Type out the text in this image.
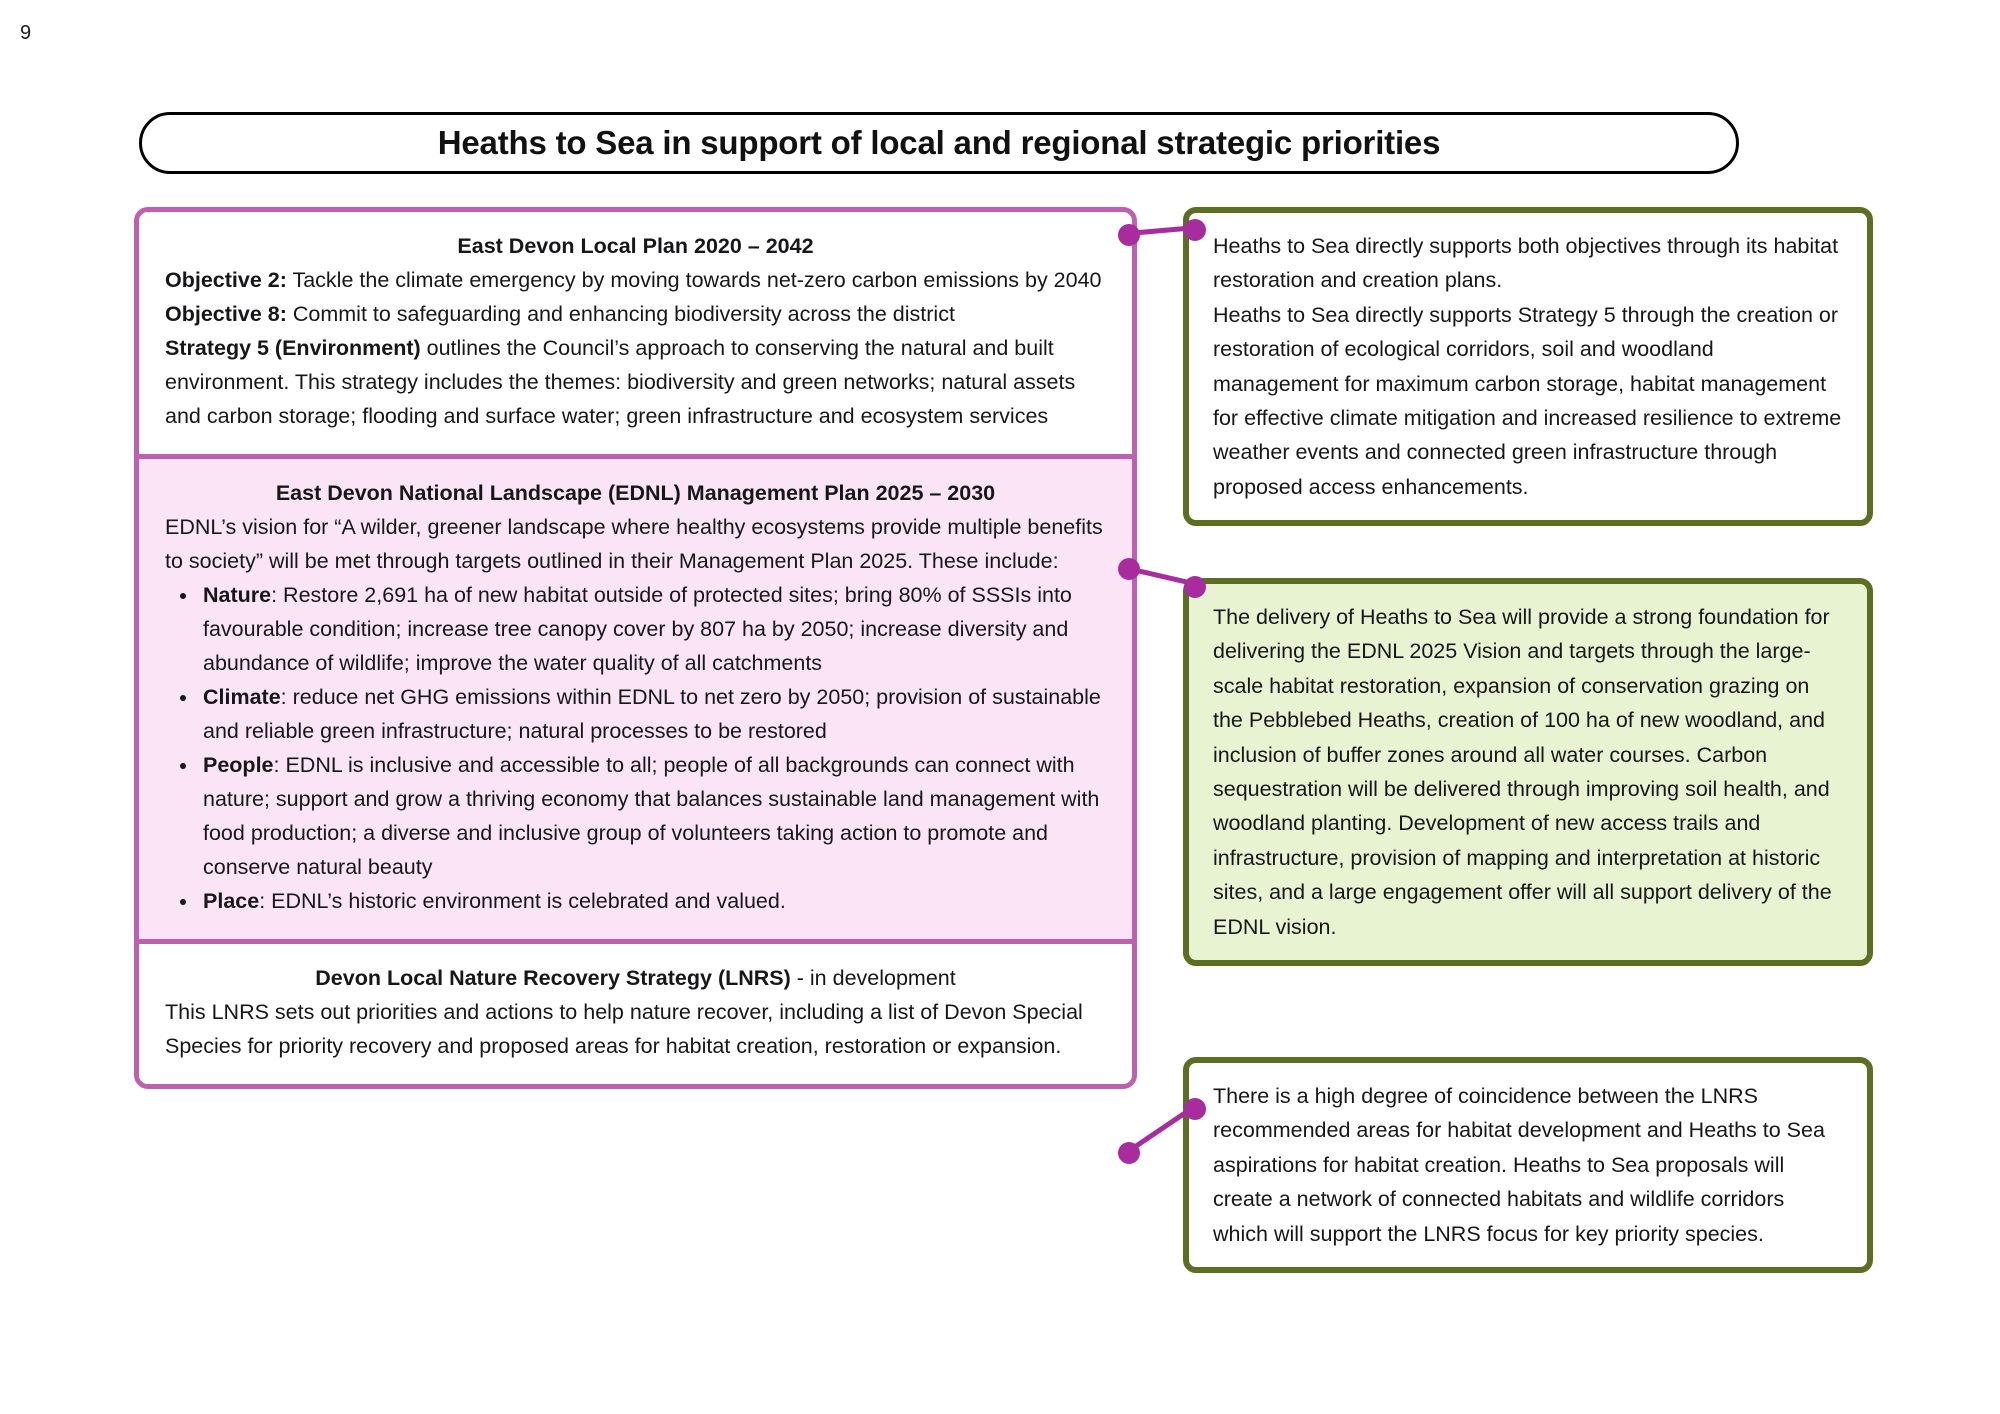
9
Heaths to Sea in support of local and regional strategic priorities
East Devon Local Plan 2020 – 2042

Objective 2: Tackle the climate emergency by moving towards net-zero carbon emissions by 2040

Objective 8: Commit to safeguarding and enhancing biodiversity across the district

Strategy 5 (Environment) outlines the Council’s approach to conserving the natural and built environment. This strategy includes the themes: biodiversity and green networks; natural assets and carbon storage; flooding and surface water; green infrastructure and ecosystem services

East Devon National Landscape (EDNL) Management Plan 2025 – 2030

EDNL’s vision for “A wilder, greener landscape where healthy ecosystems provide multiple benefits to society” will be met through targets outlined in their Management Plan 2025. These include:

• Nature: Restore 2,691 ha of new habitat outside of protected sites; bring 80% of SSSIs into favourable condition; increase tree canopy cover by 807 ha by 2050; increase diversity and abundance of wildlife; improve the water quality of all catchments
• Climate: reduce net GHG emissions within EDNL to net zero by 2050; provision of sustainable and reliable green infrastructure; natural processes to be restored
• People: EDNL is inclusive and accessible to all; people of all backgrounds can connect with nature; support and grow a thriving economy that balances sustainable land management with food production; a diverse and inclusive group of volunteers taking action to promote and conserve natural beauty
• Place: EDNL’s historic environment is celebrated and valued.
Devon Local Nature Recovery Strategy (LNRS) - in development

This LNRS sets out priorities and actions to help nature recover, including a list of Devon Special Species for priority recovery and proposed areas for habitat creation, restoration or expansion.

Heaths to Sea directly supports both objectives through its habitat restoration and creation plans.

Heaths to Sea directly supports Strategy 5 through the creation or restoration of ecological corridors, soil and woodland management for maximum carbon storage, habitat management for effective climate mitigation and increased resilience to extreme weather events and connected green infrastructure through proposed access enhancements.

The delivery of Heaths to Sea will provide a strong foundation for delivering the EDNL 2025 Vision and targets through the large-scale habitat restoration, expansion of conservation grazing on the Pebblebed Heaths, creation of 100 ha of new woodland, and inclusion of buffer zones around all water courses. Carbon sequestration will be delivered through improving soil health, and woodland planting. Development of new access trails and infrastructure, provision of mapping and interpretation at historic sites, and a large engagement offer will all support delivery of the EDNL vision.

There is a high degree of coincidence between the LNRS recommended areas for habitat development and Heaths to Sea aspirations for habitat creation. Heaths to Sea proposals will create a network of connected habitats and wildlife corridors which will support the LNRS focus for key priority species.
